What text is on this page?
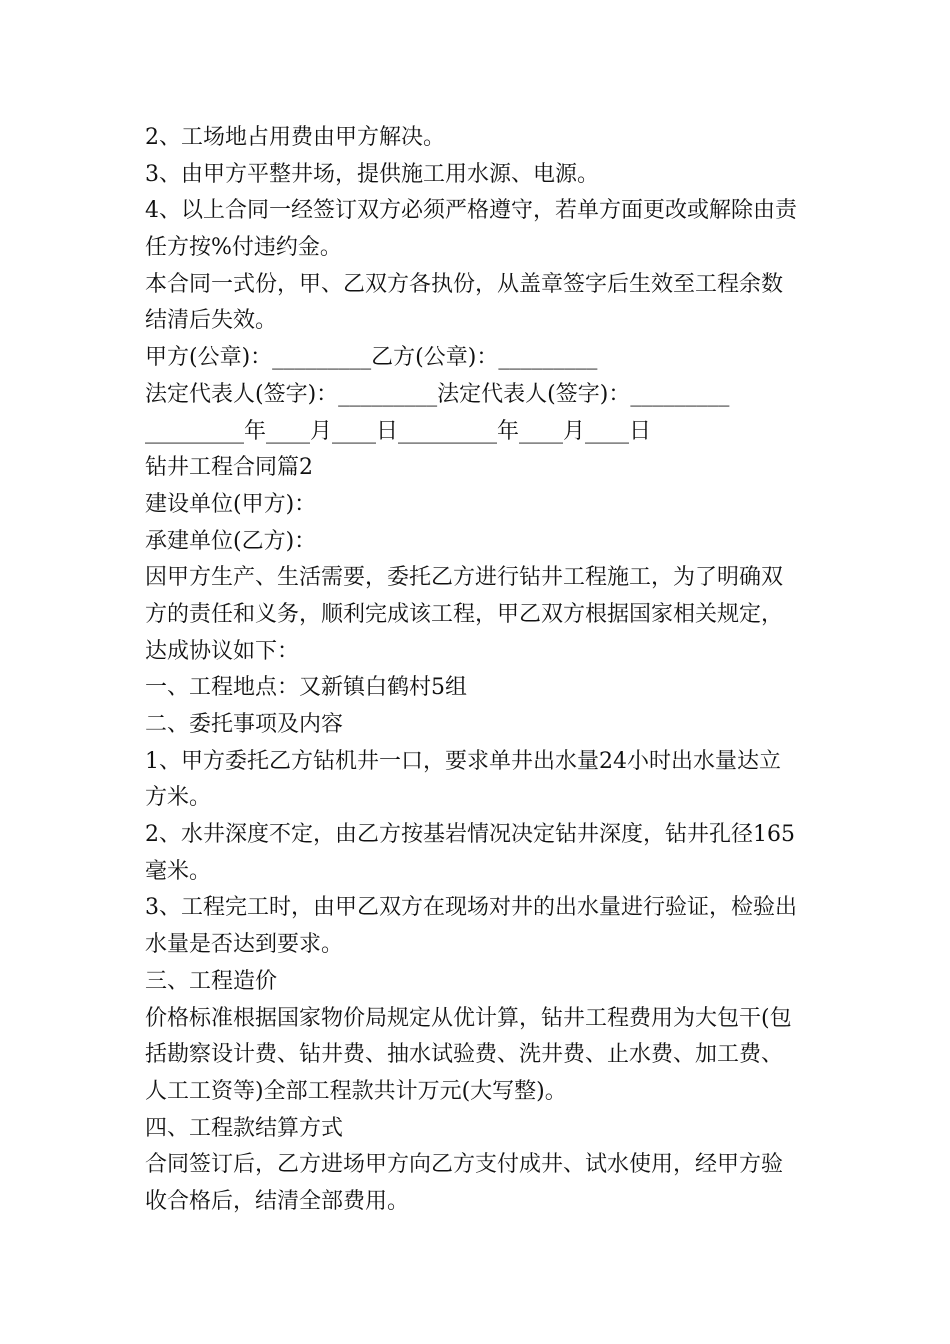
2、工场地占用费由甲方解决。

3、由甲方平整井场，提供施工用水源、电源。

4、以上合同一经签订双方必须严格遵守，若单方面更改或解除由责

任方按%付违约金。

本合同一式份，甲、乙双方各执份，从盖章签字后生效至工程余数

结清后失效。

甲方(公章)：_________乙方(公章)：_________

法定代表人(签字)：_________法定代表人(签字)：_________

_________年____月____日_________年____月____日

钻井工程合同篇2

建设单位(甲方)：

承建单位(乙方)：

因甲方生产、生活需要，委托乙方进行钻井工程施工，为了明确双

方的责任和义务，顺利完成该工程，甲乙双方根据国家相关规定，

达成协议如下：

一、工程地点：又新镇白鹤村5组

二、委托事项及内容

1、甲方委托乙方钻机井一口，要求单井出水量24小时出水量达立

方米。

2、水井深度不定，由乙方按基岩情况决定钻井深度，钻井孔径165

毫米。

3、工程完工时，由甲乙双方在现场对井的出水量进行验证，检验出

水量是否达到要求。

三、工程造价

价格标准根据国家物价局规定从优计算，钻井工程费用为大包干(包

括勘察设计费、钻井费、抽水试验费、洗井费、止水费、加工费、

人工工资等)全部工程款共计万元(大写整)。

四、工程款结算方式

合同签订后，乙方进场甲方向乙方支付成井、试水使用，经甲方验

收合格后，结清全部费用。
